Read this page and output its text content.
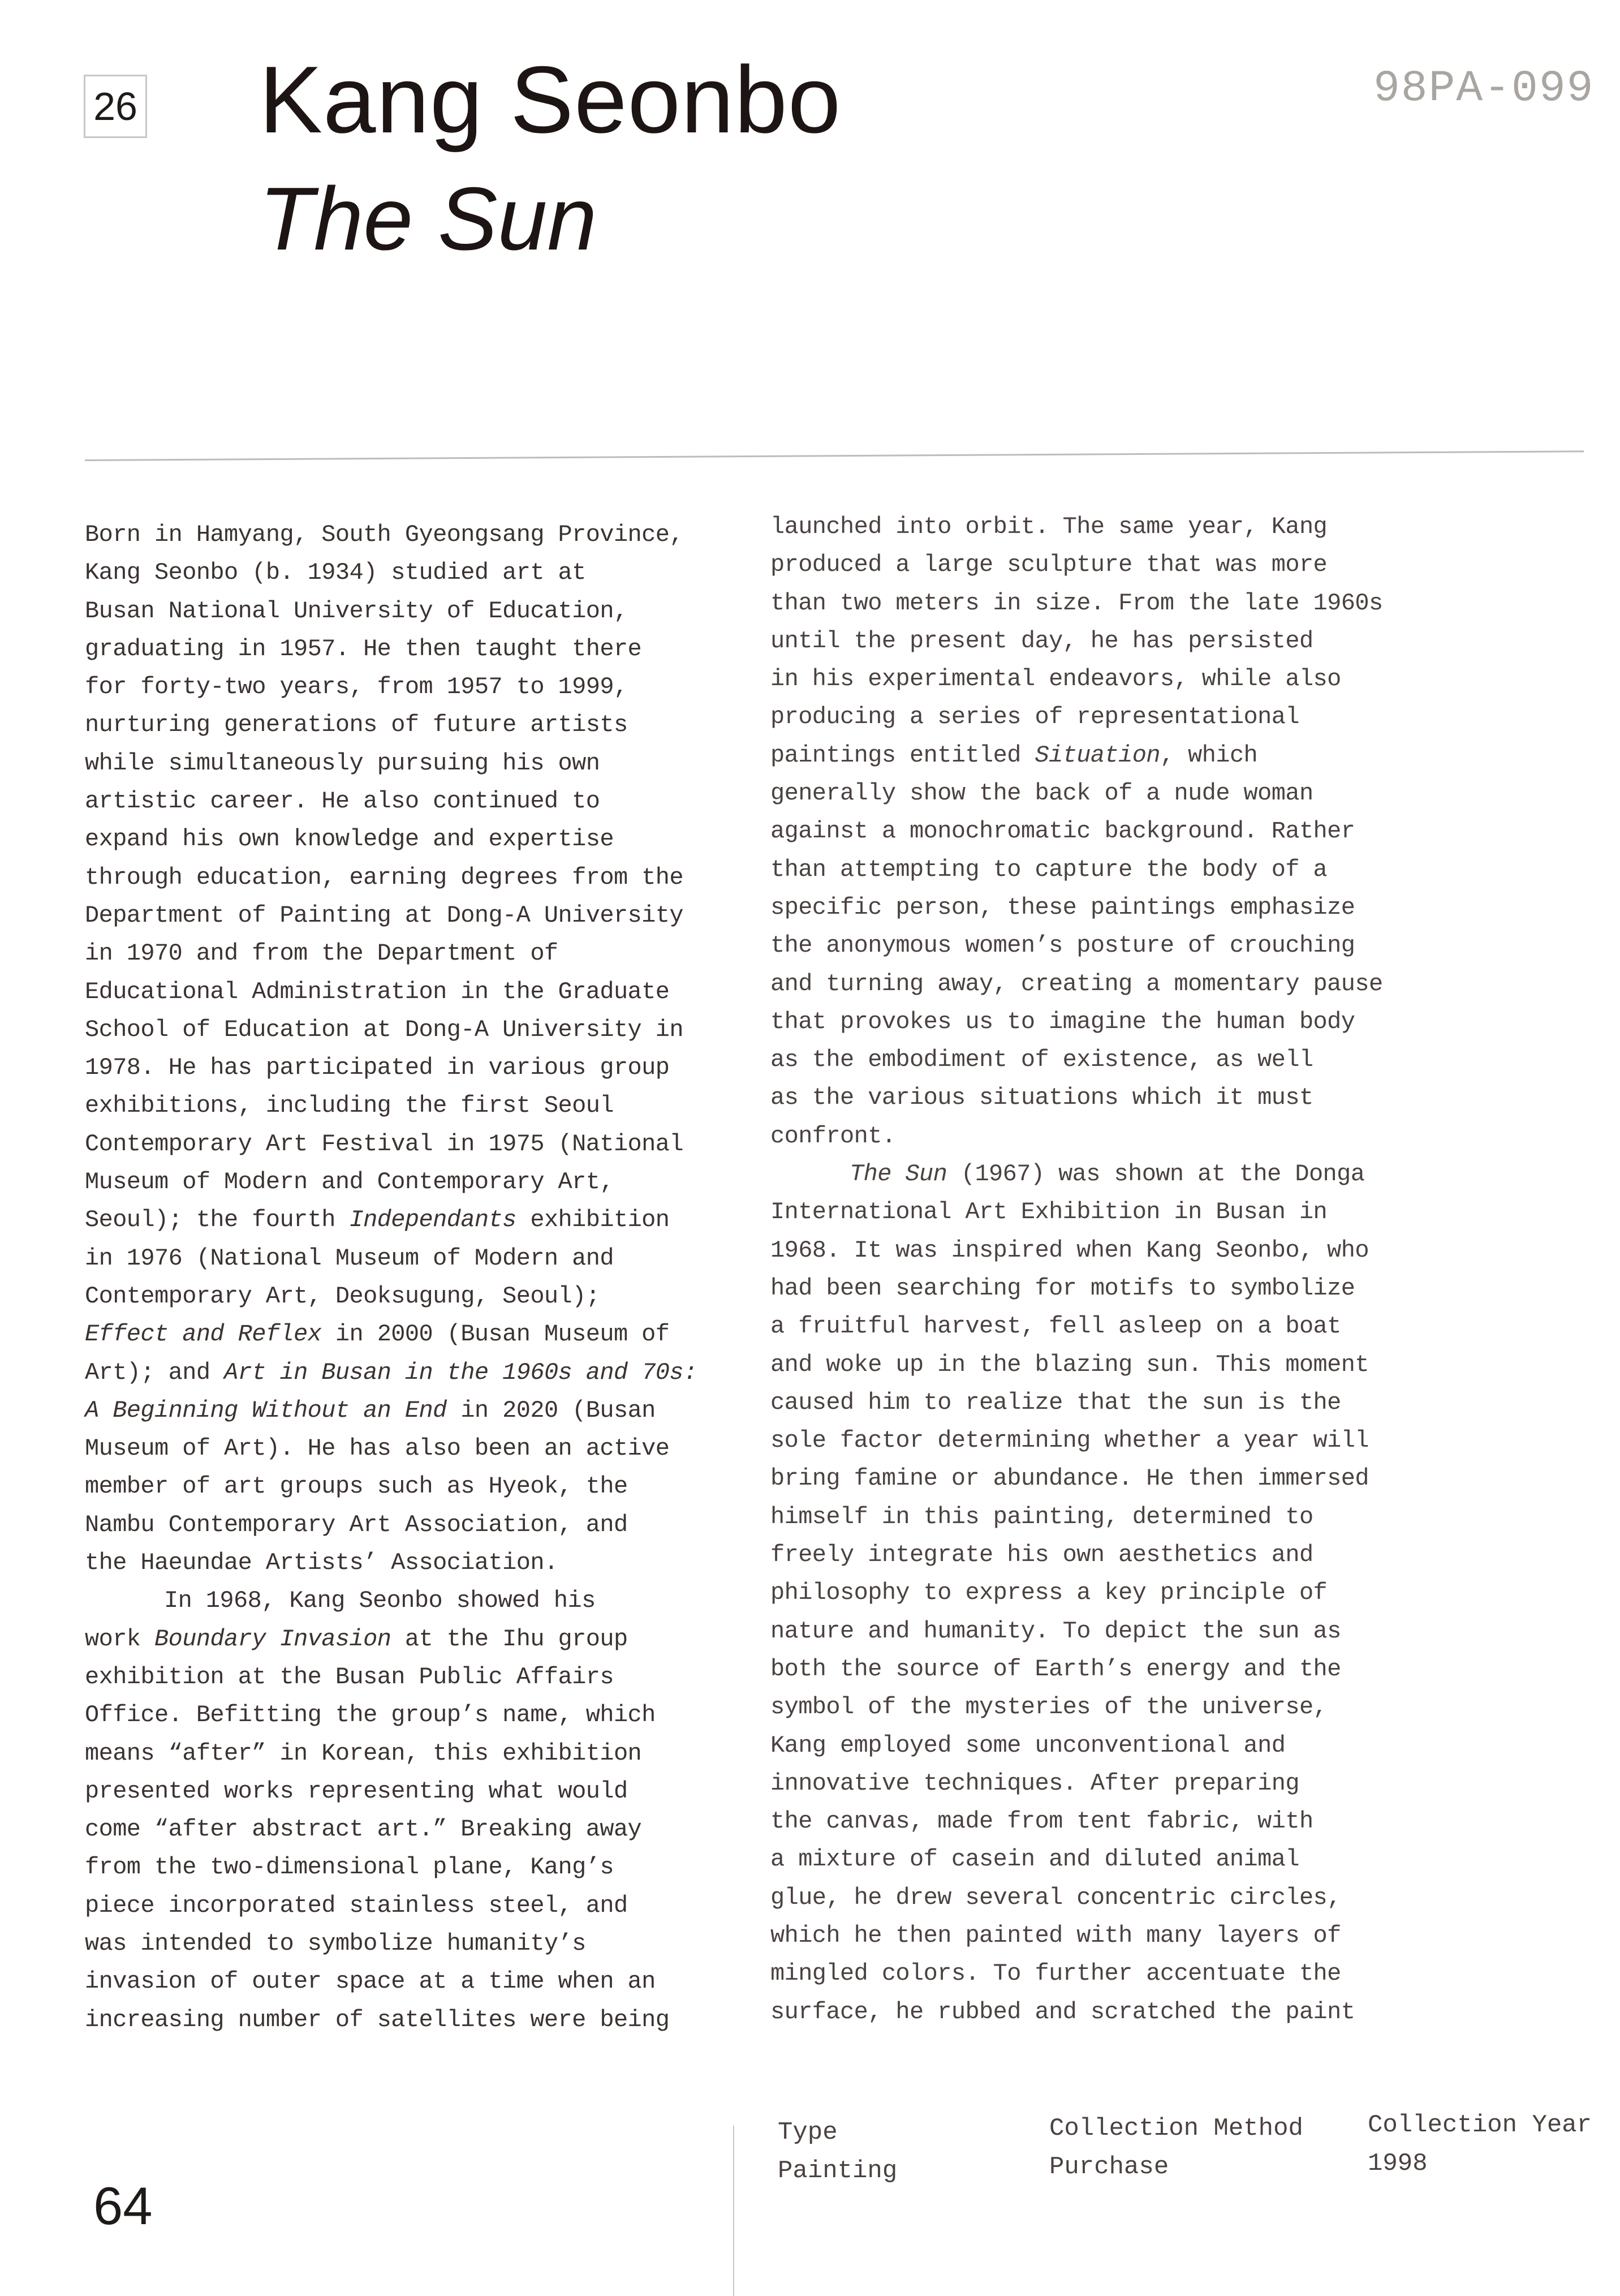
26 Kang Seonbo
The Sun
98PA-099
Born in Hamyang, South Gyeongsang Province,
Kang Seonbo (b. 1934) studied art at
Busan National University of Education,
graduating in 1957. He then taught there
for forty-two years, from 1957 to 1999,
nurturing generations of future artists
while simultaneously pursuing his own
artistic career. He also continued to
expand his own knowledge and expertise
through education, earning degrees from the
Department of Painting at Dong-A University
in 1970 and from the Department of
Educational Administration in the Graduate
School of Education at Dong-A University in
1978. He has participated in various group
exhibitions, including the first Seoul
Contemporary Art Festival in 1975 (National
Museum of Modern and Contemporary Art,
Seoul); the fourth Independants exhibition
in 1976 (National Museum of Modern and
Contemporary Art, Deoksugung, Seoul);
Effect and Reflex in 2000 (Busan Museum of
Art); and Art in Busan in the 1960s and 70s:
A Beginning Without an End in 2020 (Busan
Museum of Art). He has also been an active
member of art groups such as Hyeok, the
Nambu Contemporary Art Association, and
the Haeundae Artists’ Association.
In 1968, Kang Seonbo showed his
work Boundary Invasion at the Ihu group
exhibition at the Busan Public Affairs
Office. Befitting the group’s name, which
means “after” in Korean, this exhibition
presented works representing what would
come “after abstract art.” Breaking away
from the two-dimensional plane, Kang’s
piece incorporated stainless steel, and
was intended to symbolize humanity’s
invasion of outer space at a time when an
increasing number of satellites were being
launched into orbit. The same year, Kang
produced a large sculpture that was more
than two meters in size. From the late 1960s
until the present day, he has persisted
in his experimental endeavors, while also
producing a series of representational
paintings entitled Situation, which
generally show the back of a nude woman
against a monochromatic background. Rather
than attempting to capture the body of a
specific person, these paintings emphasize
the anonymous women’s posture of crouching
and turning away, creating a momentary pause
that provokes us to imagine the human body
as the embodiment of existence, as well
as the various situations which it must
confront.
The Sun (1967) was shown at the Donga
International Art Exhibition in Busan in
1968. It was inspired when Kang Seonbo, who
had been searching for motifs to symbolize
a fruitful harvest, fell asleep on a boat
and woke up in the blazing sun. This moment
caused him to realize that the sun is the
sole factor determining whether a year will
bring famine or abundance. He then immersed
himself in this painting, determined to
freely integrate his own aesthetics and
philosophy to express a key principle of
nature and humanity. To depict the sun as
both the source of Earth’s energy and the
symbol of the mysteries of the universe,
Kang employed some unconventional and
innovative techniques. After preparing
the canvas, made from tent fabric, with
a mixture of casein and diluted animal
glue, he drew several concentric circles,
which he then painted with many layers of
mingled colors. To further accentuate the
surface, he rubbed and scratched the paint
Type
Painting
Collection Method
Purchase
Collection Year
1998
64
